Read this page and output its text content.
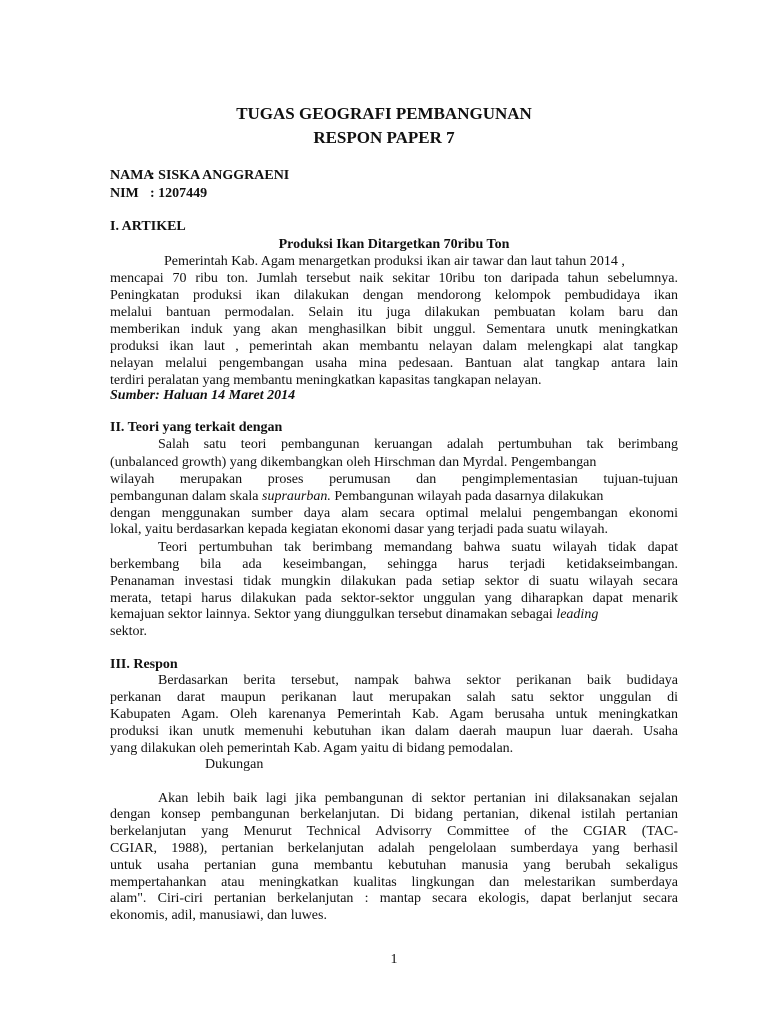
TUGAS GEOGRAFI PEMBANGUNAN
RESPON PAPER 7
NAMA
: SISKA ANGGRAENI
NIM : 1207449
I. ARTIKEL
Produksi Ikan Ditargetkan 70ribu Ton
Pemerintah Kab. Agam menargetkan produksi ikan air tawar dan laut tahun 2014 ,
mencapai 70 ribu ton. Jumlah tersebut naik sekitar 10ribu ton daripada tahun sebelumnya.
Peningkatan produksi ikan dilakukan dengan mendorong kelompok pembudidaya ikan
melalui bantuan permodalan. Selain itu juga dilakukan pembuatan kolam baru dan
memberikan induk yang akan menghasilkan bibit unggul. Sementara unutk meningkatkan
produksi ikan laut , pemerintah akan membantu nelayan dalam melengkapi alat tangkap
nelayan melalui pengembangan usaha mina pedesaan. Bantuan alat tangkap antara lain
terdiri peralatan yang membantu meningkatkan kapasitas tangkapan nelayan.
Sumber: Haluan 14 Maret 2014
II. Teori yang terkait dengan
Salah satu teori pembangunan keruangan adalah pertumbuhan tak berimbang
(unbalanced growth) yang dikembangkan oleh Hirschman dan Myrdal. Pengembangan
wilayah merupakan proses perumusan dan pengimplementasian tujuan-tujuan
pembangunan dalam skala supraurban. Pembangunan wilayah pada dasarnya dilakukan
dengan menggunakan sumber daya alam secara optimal melalui pengembangan ekonomi
lokal, yaitu berdasarkan kepada kegiatan ekonomi dasar yang terjadi pada suatu wilayah.
Teori pertumbuhan tak berimbang memandang bahwa suatu wilayah tidak dapat
berkembang bila ada keseimbangan, sehingga harus terjadi ketidakseimbangan.
Penanaman investasi tidak mungkin dilakukan pada setiap sektor di suatu wilayah secara
merata, tetapi harus dilakukan pada sektor-sektor unggulan yang diharapkan dapat menarik
kemajuan sektor lainnya. Sektor yang diunggulkan tersebut dinamakan sebagai leading
sektor.
III. Respon
Berdasarkan berita tersebut, nampak bahwa sektor perikanan baik budidaya
perkanan darat maupun perikanan laut merupakan salah satu sektor unggulan di
Kabupaten Agam. Oleh karenanya Pemerintah Kab. Agam berusaha untuk meningkatkan
produksi ikan unutk memenuhi kebutuhan ikan dalam daerah maupun luar daerah. Usaha
yang dilakukan oleh pemerintah Kab. Agam yaitu di bidang pemodalan.
Dukungan
Akan lebih baik lagi jika pembangunan di sektor pertanian ini dilaksanakan sejalan
dengan konsep pembangunan berkelanjutan. Di bidang pertanian, dikenal istilah pertanian
berkelanjutan yang Menurut Technical Advisorry Committee of the CGIAR (TAC-
CGIAR, 1988), pertanian berkelanjutan adalah pengelolaan sumberdaya yang berhasil
untuk usaha pertanian guna membantu kebutuhan manusia yang berubah sekaligus
mempertahankan atau meningkatkan kualitas lingkungan dan melestarikan sumberdaya
alam". Ciri-ciri pertanian berkelanjutan : mantap secara ekologis, dapat berlanjut secara
ekonomis, adil, manusiawi, dan luwes.
1
